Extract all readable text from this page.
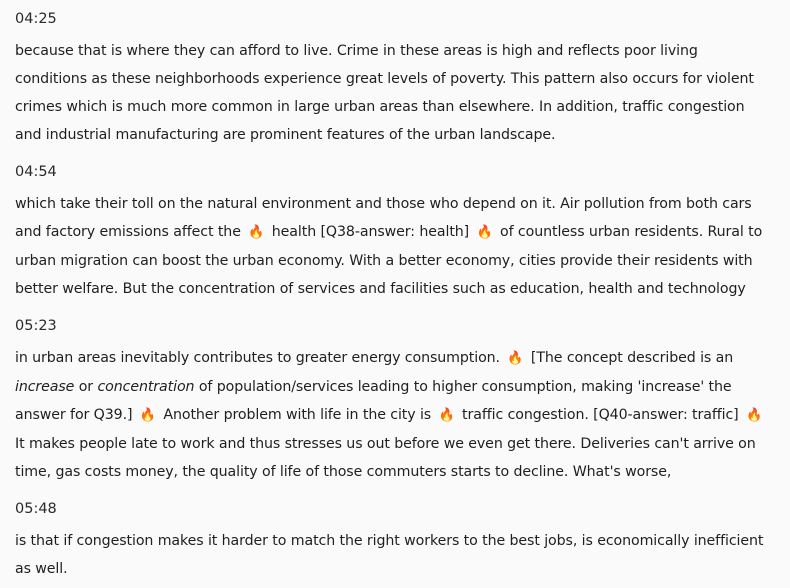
04:25
because that is where they can afford to live. Crime in these areas is high and reflects poor living conditions as these neighborhoods experience great levels of poverty. This pattern also occurs for violent crimes which is much more common in large urban areas than elsewhere. In addition, traffic congestion and industrial manufacturing are prominent features of the urban landscape.
04:54
which take their toll on the natural environment and those who depend on it. Air pollution from both cars and factory emissions affect the 🔥 health [Q38-answer: health] 🔥 of countless urban residents. Rural to urban migration can boost the urban economy. With a better economy, cities provide their residents with better welfare. But the concentration of services and facilities such as education, health and technology
05:23
in urban areas inevitably contributes to greater energy consumption. 🔥 [The concept described is an increase or concentration of population/services leading to higher consumption, making 'increase' the answer for Q39.] 🔥 Another problem with life in the city is 🔥 traffic congestion. [Q40-answer: traffic] 🔥 It makes people late to work and thus stresses us out before we even get there. Deliveries can't arrive on time, gas costs money, the quality of life of those commuters starts to decline. What's worse,
05:48
is that if congestion makes it harder to match the right workers to the best jobs, is economically inefficient as well.
